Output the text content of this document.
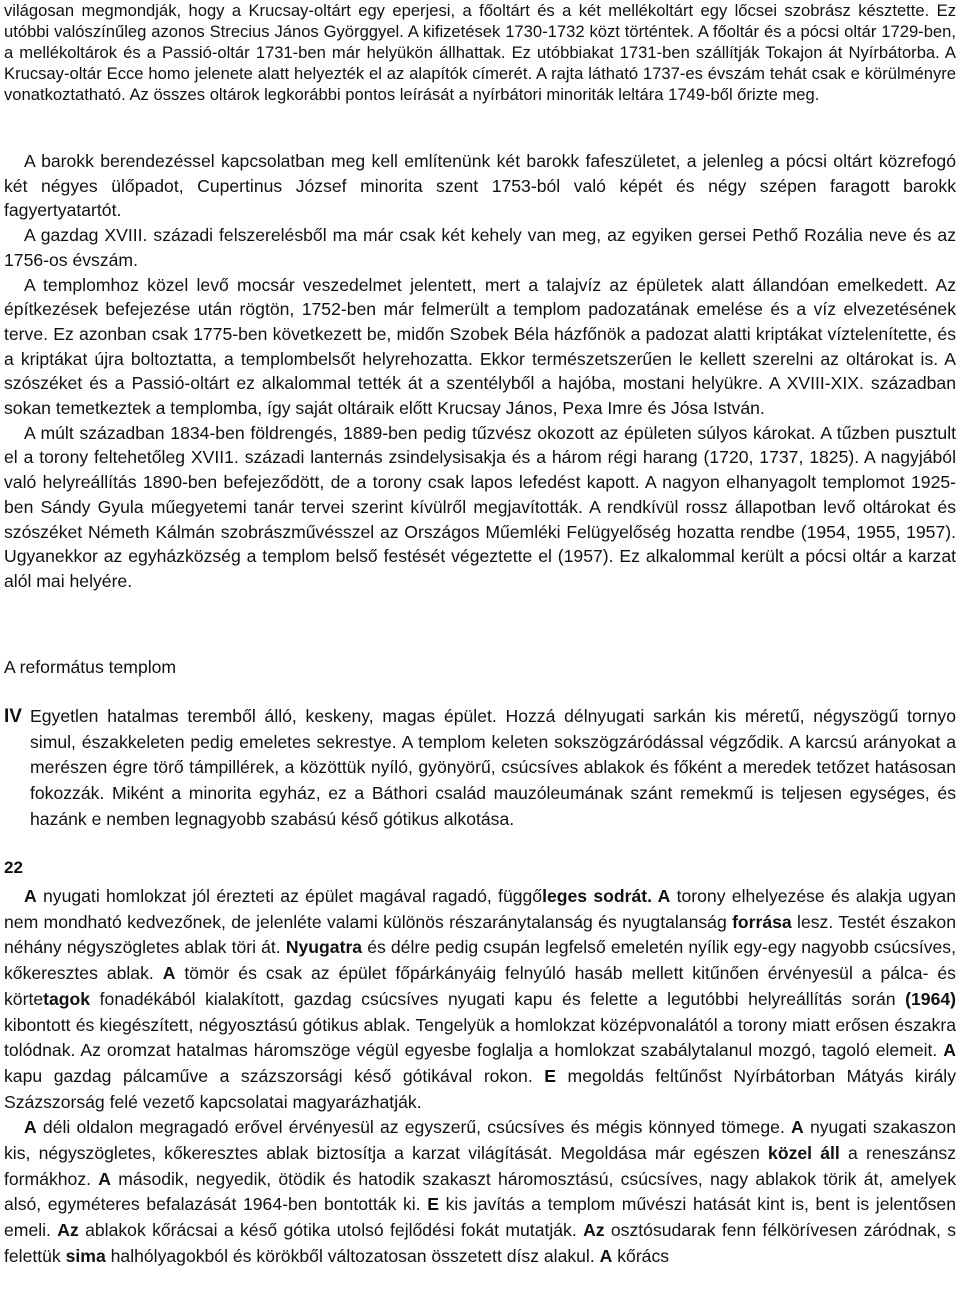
világosan megmondják, hogy a Krucsay-oltárt egy eperjesi, a főoltárt és a két mellékoltárt egy lőcsei szobrász késztette. Ez utóbbi valószínűleg azonos Strecius János Györggyel. A kifizetések 1730-1732 közt történtek. A főoltár és a pócsi oltár 1729-ben, a mellékoltárok és a Passió-oltár 1731-ben már helyükön állhattak. Ez utóbbiakat 1731-ben szállítják Tokajon át Nyírbátorba. A Krucsay-oltár Ecce homo jelenete alatt helyezték el az alapítók címerét. A rajta látható 1737-es évszám tehát csak e körülményre vonatkoztatható. Az összes oltárok legkorábbi pontos leírását a nyírbátori minoriták leltára 1749-ből őrizte meg.

A barokk berendezéssel kapcsolatban meg kell említenünk két barokk fafeszületet, a jelenleg a pócsi oltárt közrefogó két négyes ülőpadot, Cupertinus József minorita szent 1753-ból való képét és négy szépen faragott barokk fagyertyatartót.

A gazdag XVIII. századi felszerelésből ma már csak két kehely van meg, az egyiken gersei Pethő Rozália neve és az 1756-os évszám.

A templomhoz közel levő mocsár veszedelmet jelentett, mert a talajvíz az épületek alatt állandóan emelkedett. Az építkezések befejezése után rögtön, 1752-ben már felmerült a templom padozatának emelése és a víz elvezetésének terve. Ez azonban csak 1775-ben következett be, midőn Szobek Béla házfőnök a padozat alatti kriptákat víztelenítette, és a kriptákat újra boltoztatta, a templombelsőt helyrehozatta. Ekkor természetszerűen le kellett szerelni az oltárokat is. A szószéket és a Passió-oltárt ez alkalommal tették át a szentélyből a hajóba, mostani helyükre. A XVIII-XIX. században sokan temetkeztek a templomba, így saját oltáraik előtt Krucsay János, Pexa Imre és Jósa István.

A múlt században 1834-ben földrengés, 1889-ben pedig tűzvész okozott az épületen súlyos károkat. A tűzben pusztult el a torony feltehetőleg XVII1. századi lanternás zsindelysisakja és a három régi harang (1720, 1737, 1825). A nagyjából való helyreállítás 1890-ben befejeződött, de a torony csak lapos lefedést kapott. A nagyon elhanyagolt templomot 1925-ben Sándy Gyula műegyetemi tanár tervei szerint kívülről megjavították. A rendkívül rossz állapotban levő oltárokat és szószéket Németh Kálmán szobrászművésszel az Országos Műemléki Felügyelőség hozatta rendbe (1954, 1955, 1957). Ugyanekkor az egyházközség a templom belső festését végeztette el (1957). Ez alkalommal került a pócsi oltár a karzat alól mai helyére.

A református templom
IV Egyetlen hatalmas teremből álló, keskeny, magas épület. Hozzá délnyugati sarkán kis méretű, négyszögű tornyo simul, északkeleten pedig emeletes sekrestye. A templom keleten sokszögzáródással végződik. A karcsú arányokat a merészen égre törő támpillérek, a közöttük nyíló, gyönyörű, csúcsíves ablakok és főként a meredek tetőzet hatásosan fokozzák. Miként a minorita egyház, ez a Báthori család mauzóleumának szánt remekmű is teljesen egységes, és hazánk e nemben legnagyobb szabású késő gótikus alkotása.

22

A nyugati homlokzat jól érezteti az épület magával ragadó, függőleges sodrát. A torony elhelyezése és alakja ugyan nem mondható kedvezőnek, de jelenléte valami különös részaránytalanság és nyugtalanság forrása lesz. Testét északon néhány négyszögletes ablak töri át. Nyugatra és délre pedig csupán legfelső emeletén nyílik egy-egy nagyobb csúcsíves, kőkeresztes ablak. A tömör és csak az épület főpárkányáig felnyúló hasáb mellett kitűnően érvényesül a pálca- és körtetagok fonadékából kialakított, gazdag csúcsíves nyugati kapu és felette a legutóbbi helyreállítás során (1964) kibontott és kiegészített, négyosztású gótikus ablak. Tengelyük a homlokzat középvonalától a torony miatt erősen északra tolódnak. Az oromzat hatalmas háromszöge végül egyesbe foglalja a homlokzat szabálytalanul mozgó, tagoló elemeit. A kapu gazdag pálcaműve a százszorsági késő gótikával rokon. E megoldás feltűnőst Nyírbátorban Mátyás király Százszorság felé vezető kapcsolatai magyarázhatják.

A déli oldalon megragadó erővel érvényesül az egyszerű, csúcsíves és mégis könnyed tömege. A nyugati szakaszon kis, négyszögletes, kőkeresztes ablak biztosítja a karzat világítását. Megoldása már egészen közel áll a reneszánsz formákhoz. A második, negyedik, ötödik és hatodik szakaszt háromosztású, csúcsíves, nagy ablakok törik át, amelyek alsó, egyméteres befalazását 1964-ben bontották ki. E kis javítás a templom művészi hatását kint is, bent is jelentősen emeli. Az ablakok kőrácsai a késő gótika utolsó fejlődési fokát mutatják. Az osztósudarak fenn félkörívesen záródnak, s felettük sima halhólyagokból és körökből változatosan összetett dísz alakul. A kőrács
